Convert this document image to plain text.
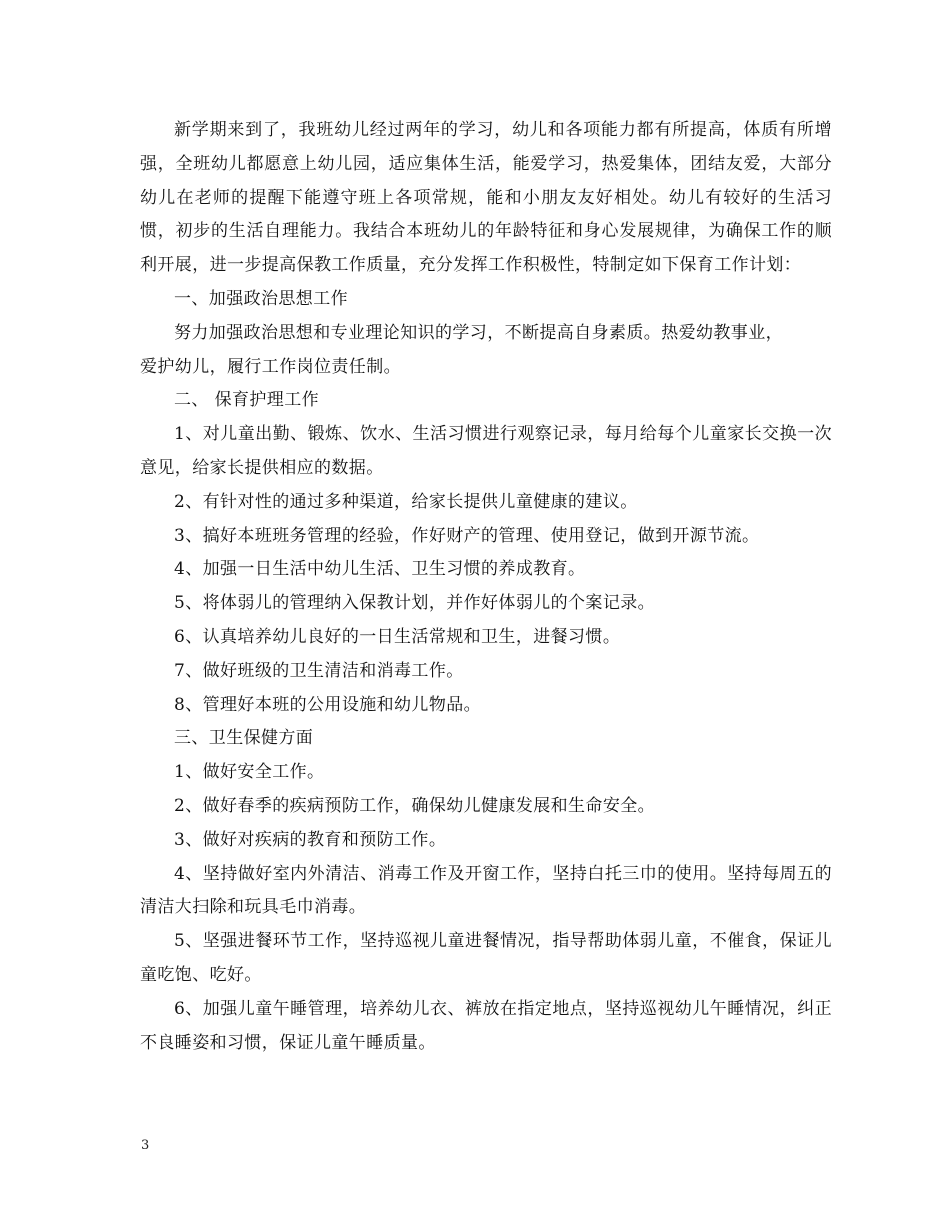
新学期来到了，我班幼儿经过两年的学习，幼儿和各项能力都有所提高，体质有所增强，全班幼儿都愿意上幼儿园，适应集体生活，能爱学习，热爱集体，团结友爱，大部分幼儿在老师的提醒下能遵守班上各项常规，能和小朋友友好相处。幼儿有较好的生活习惯，初步的生活自理能力。我结合本班幼儿的年龄特征和身心发展规律，为确保工作的顺利开展，进一步提高保教工作质量，充分发挥工作积极性，特制定如下保育工作计划：

一、加强政治思想工作

努力加强政治思想和专业理论知识的学习，不断提高自身素质。热爱幼教事业，

爱护幼儿，履行工作岗位责任制。

二、 保育护理工作

1、对儿童出勤、锻炼、饮水、生活习惯进行观察记录，每月给每个儿童家长交换一次意见，给家长提供相应的数据。

2、有针对性的通过多种渠道，给家长提供儿童健康的建议。

3、搞好本班班务管理的经验，作好财产的管理、使用登记，做到开源节流。

4、加强一日生活中幼儿生活、卫生习惯的养成教育。

5、将体弱儿的管理纳入保教计划，并作好体弱儿的个案记录。

6、认真培养幼儿良好的一日生活常规和卫生，进餐习惯。

7、做好班级的卫生清洁和消毒工作。

8、管理好本班的公用设施和幼儿物品。

三、卫生保健方面

1、做好安全工作。

2、做好春季的疾病预防工作，确保幼儿健康发展和生命安全。

3、做好对疾病的教育和预防工作。

4、坚持做好室内外清洁、消毒工作及开窗工作，坚持白托三巾的使用。坚持每周五的清洁大扫除和玩具毛巾消毒。

5、坚强进餐环节工作，坚持巡视儿童进餐情况，指导帮助体弱儿童，不催食，保证儿童吃饱、吃好。

6、加强儿童午睡管理，培养幼儿衣、裤放在指定地点，坚持巡视幼儿午睡情况，纠正不良睡姿和习惯，保证儿童午睡质量。

3
